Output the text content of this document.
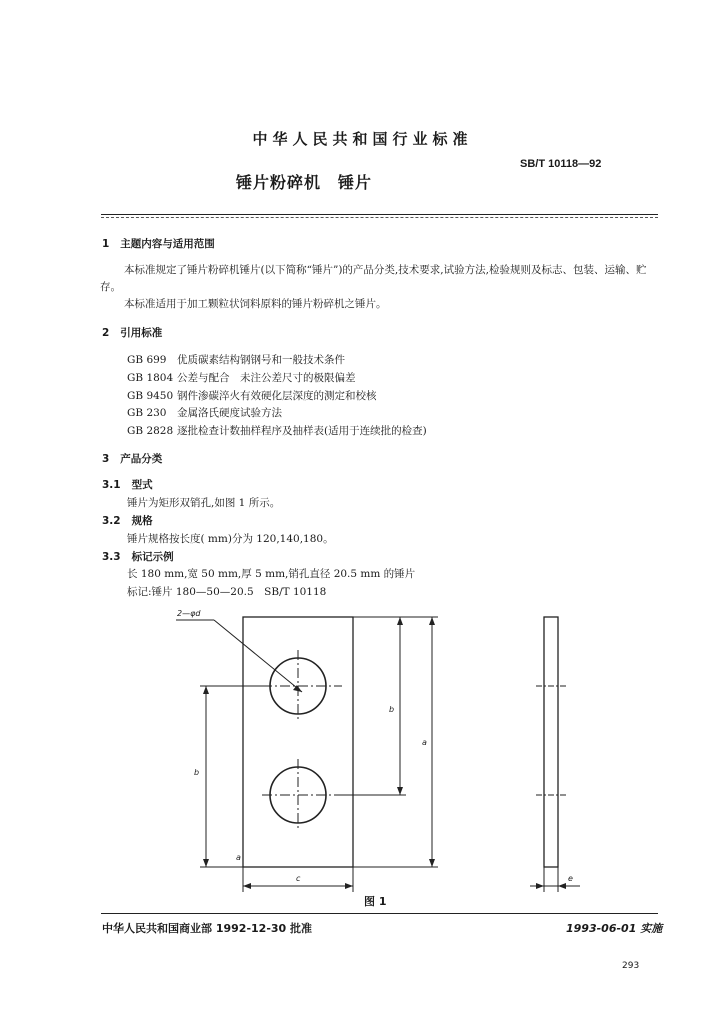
中华人民共和国行业标准
SB/T 10118—92
锤片粉碎机　锤片
1 主题内容与适用范围
本标准规定了锤片粉碎机锤片(以下简称“锤片”)的产品分类,技术要求,试验方法,检验规则及标志、包装、运输、贮存。
本标准适用于加工颗粒状饲料原料的锤片粉碎机之锤片。
2 引用标准
GB 699 优质碳素结构钢钢号和一般技术条件
GB 1804 公差与配合　未注公差尺寸的极限偏差
GB 9450 钢件渗碳淬火有效硬化层深度的测定和校核
GB 230 金属洛氏硬度试验方法
GB 2828 逐批检查计数抽样程序及抽样表(适用于连续批的检查)
3 产品分类
3.1 型式
锤片为矩形双销孔,如图 1 所示。
3.2 规格
锤片规格按长度( mm)分为 120,140,180。
3.3 标记示例
长 180 mm,宽 50 mm,厚 5 mm,销孔直径 20.5 mm 的锤片
标记:锤片 180—50—20.5　SB/T 10118
2—φd
b
a
b
c	e
a
图 1
中华人民共和国商业部 1992-12-30 批准	1993-06-01 实施
293
